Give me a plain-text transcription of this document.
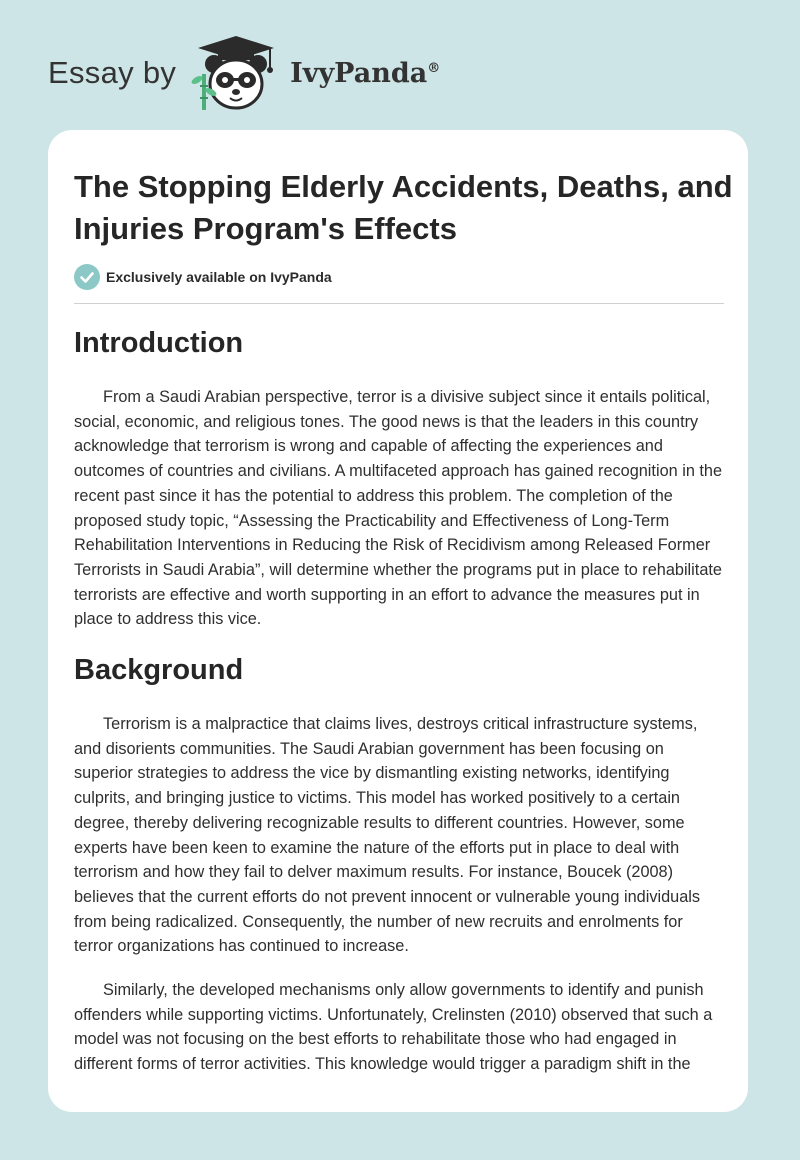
Essay by	IvyPanda®
The Stopping Elderly Accidents, Deaths, and Injuries Program's Effects
Exclusively available on IvyPanda
Introduction

From a Saudi Arabian perspective, terror is a divisive subject since it entails political, social, economic, and religious tones. The good news is that the leaders in this country acknowledge that terrorism is wrong and capable of affecting the experiences and outcomes of countries and civilians. A multifaceted approach has gained recognition in the recent past since it has the potential to address this problem. The completion of the proposed study topic, “Assessing the Practicability and Effectiveness of Long-Term Rehabilitation Interventions in Reducing the Risk of Recidivism among Released Former Terrorists in Saudi Arabia”, will determine whether the programs put in place to rehabilitate terrorists are effective and worth supporting in an effort to advance the measures put in place to address this vice.

Background

Terrorism is a malpractice that claims lives, destroys critical infrastructure systems, and disorients communities. The Saudi Arabian government has been focusing on superior strategies to address the vice by dismantling existing networks, identifying culprits, and bringing justice to victims. This model has worked positively to a certain degree, thereby delivering recognizable results to different countries. However, some experts have been keen to examine the nature of the efforts put in place to deal with terrorism and how they fail to delver maximum results. For instance, Boucek (2008) believes that the current efforts do not prevent innocent or vulnerable young individuals from being radicalized. Consequently, the number of new recruits and enrolments for terror organizations has continued to increase.

Similarly, the developed mechanisms only allow governments to identify and punish offenders while supporting victims. Unfortunately, Crelinsten (2010) observed that such a model was not focusing on the best efforts to rehabilitate those who had engaged in different forms of terror activities. This knowledge would trigger a paradigm shift in the
